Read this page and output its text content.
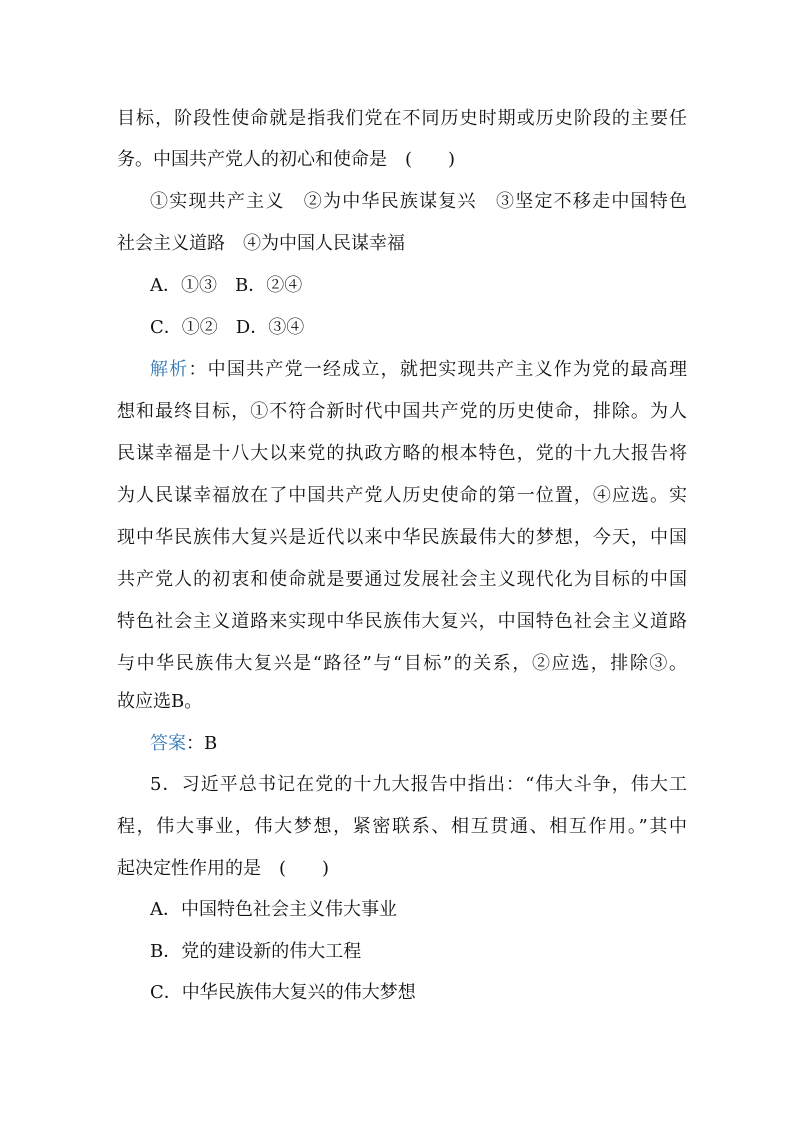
目标，阶段性使命就是指我们党在不同历史时期或历史阶段的主要任
务。中国共产党人的初心和使命是　(　　)
①实现共产主义　②为中华民族谋复兴　③坚定不移走中国特色
社会主义道路　④为中国人民谋幸福
A．①③　B．②④
C．①②　D．③④
解析：中国共产党一经成立，就把实现共产主义作为党的最高理
想和最终目标，①不符合新时代中国共产党的历史使命，排除。为人
民谋幸福是十八大以来党的执政方略的根本特色，党的十九大报告将
为人民谋幸福放在了中国共产党人历史使命的第一位置，④应选。实
现中华民族伟大复兴是近代以来中华民族最伟大的梦想，今天，中国
共产党人的初衷和使命就是要通过发展社会主义现代化为目标的中国
特色社会主义道路来实现中华民族伟大复兴，中国特色社会主义道路
与中华民族伟大复兴是“路径”与“目标”的关系，②应选，排除③。
故应选B。
答案：B
5．习近平总书记在党的十九大报告中指出：“伟大斗争，伟大工
程，伟大事业，伟大梦想，紧密联系、相互贯通、相互作用。”其中
起决定性作用的是　(　　)
A．中国特色社会主义伟大事业
B．党的建设新的伟大工程
C．中华民族伟大复兴的伟大梦想
